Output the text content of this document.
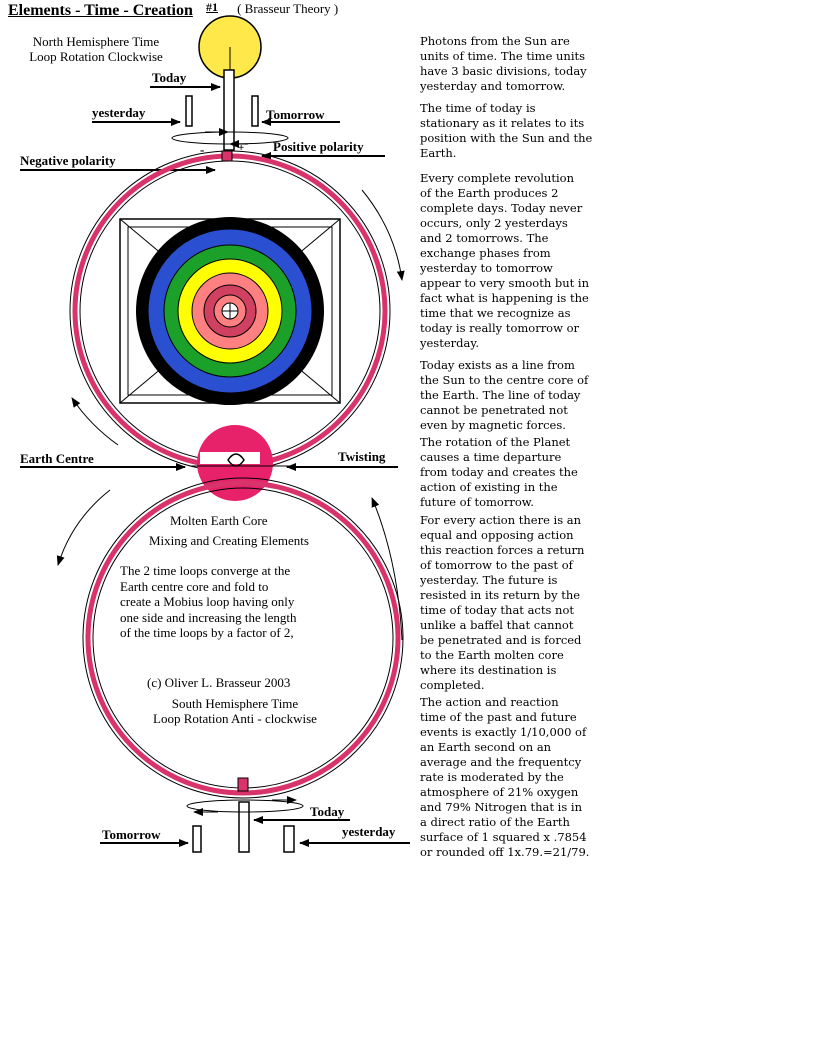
Elements - Time - Creation $^{\#1}$ ( Brasseur Theory )
North Hemisphere Time
Loop Rotation Clockwise
Today
yesterday	Tomorrow
-	+
Negative polarity
Positive polarity
Earth Centre	Twisting
Molten Earth Core
Mixing and Creating Elements
The 2 time loops converge at the
Earth centre core and fold to
create a Mobius loop having only
one side and increasing the length
of the time loops by a factor of 2,
(c) Oliver L. Brasseur 2003
South Hemisphere Time
Loop Rotation Anti - clockwise
Today
Tomorrow	yesterday

Photons from the Sun are
units of time. The time units
have 3 basic divisions, today
yesterday and tomorrow.

The time of today is
stationary as it relates to its
position with the Sun and the
Earth.

Every complete revolution
of the Earth produces 2
complete days. Today never
occurs, only 2 yesterdays
and 2 tomorrows. The
exchange phases from
yesterday to tomorrow
appear to very smooth but in
fact what is happening is the
time that we recognize as
today is really tomorrow or
yesterday.

Today exists as a line from
the Sun to the centre core of
the Earth. The line of today
cannot be penetrated not
even by magnetic forces.

The rotation of the Planet
causes a time departure
from today and creates the
action of existing in the
future of tomorrow.

For every action there is an
equal and opposing action
this reaction forces a return
of tomorrow to the past of
yesterday. The future is
resisted in its return by the
time of today that acts not
unlike a baffel that cannot
be penetrated and is forced
to the Earth molten core
where its destination is
completed.

The action and reaction
time of the past and future
events is exactly 1/10,000 of
an Earth second on an
average and the frequentcy
rate is moderated by the
atmosphere of 21% oxygen
and 79% Nitrogen that is in
a direct ratio of the Earth
surface of 1 squared x .7854
or rounded off 1x.79.=21/79.
